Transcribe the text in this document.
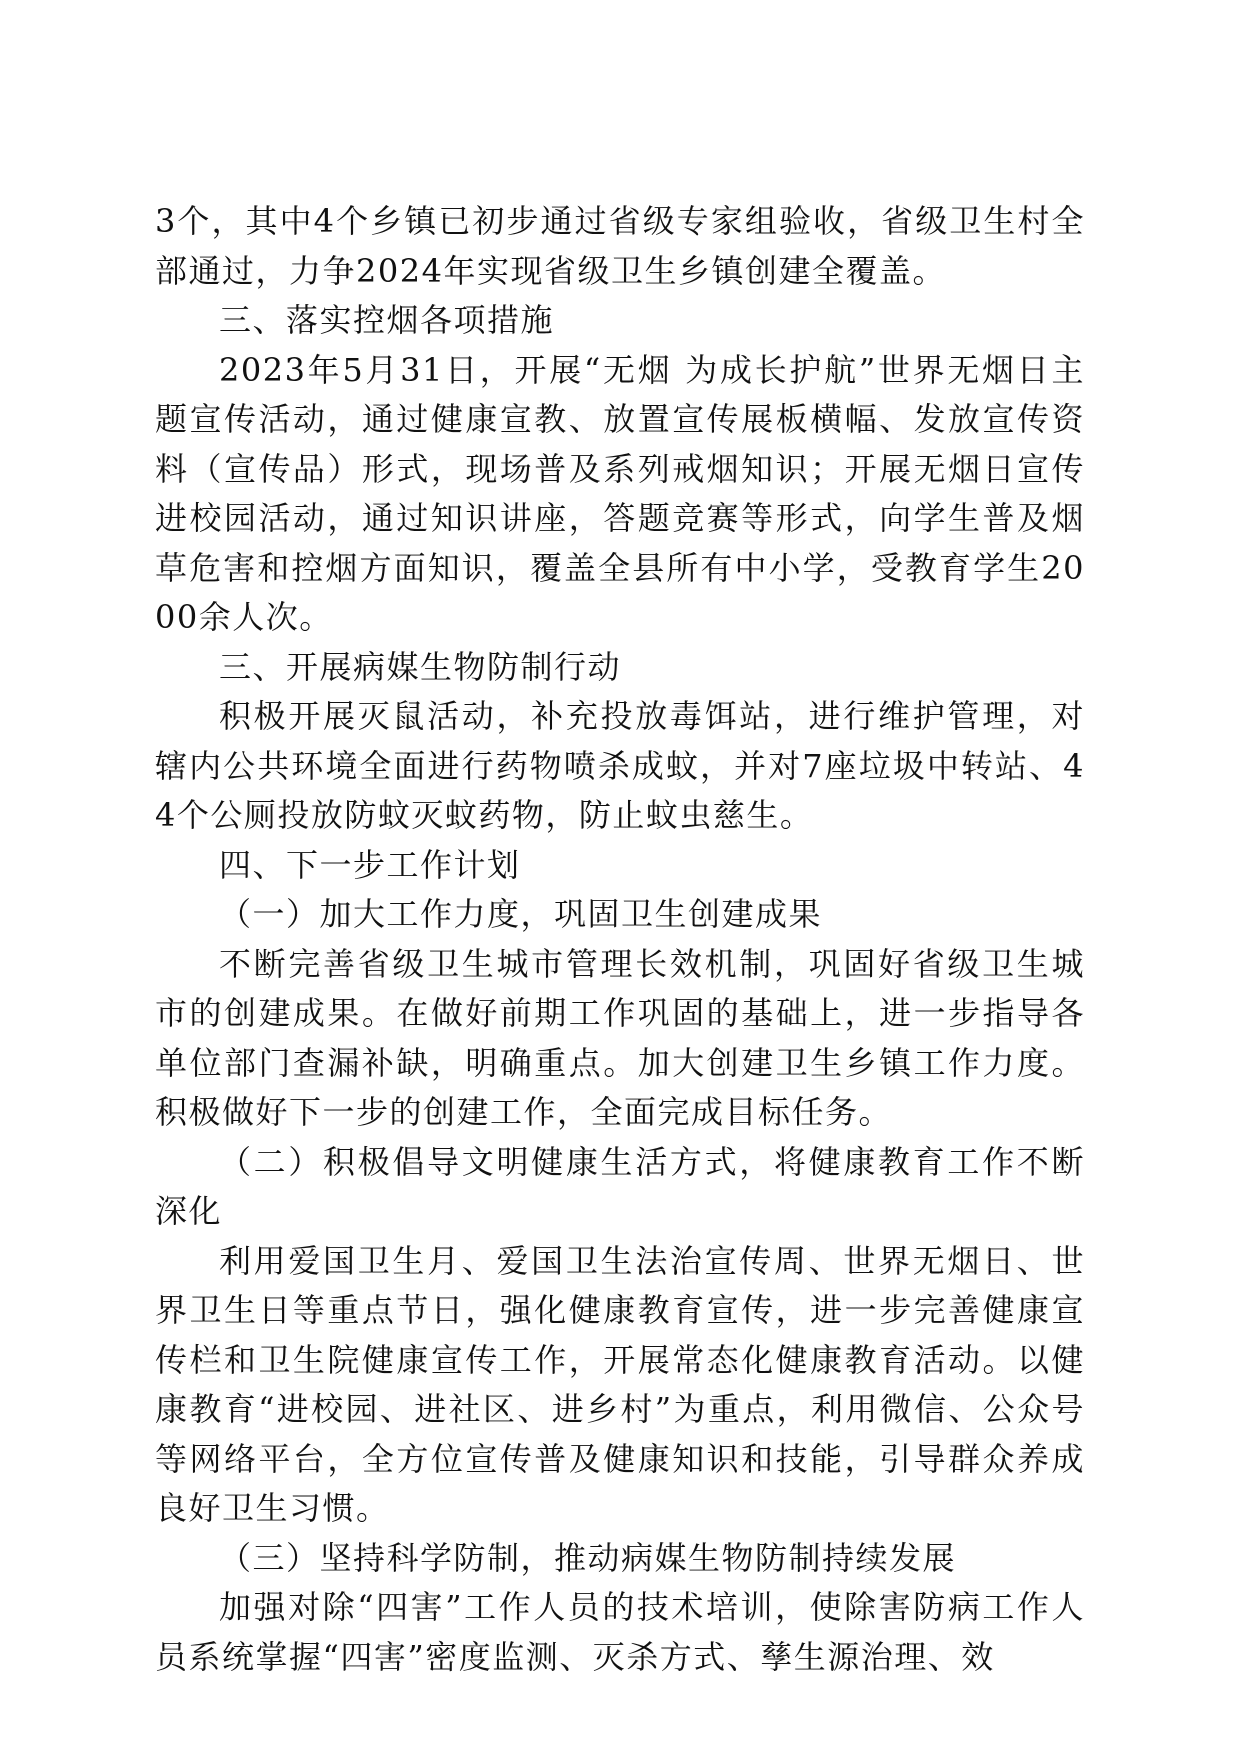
3个，其中4个乡镇已初步通过省级专家组验收，省级卫生村全部通过，力争2024年实现省级卫生乡镇创建全覆盖。

三、落实控烟各项措施

2023年5月31日，开展“无烟 为成长护航”世界无烟日主题宣传活动，通过健康宣教、放置宣传展板横幅、发放宣传资料（宣传品）形式，现场普及系列戒烟知识；开展无烟日宣传进校园活动，通过知识讲座，答题竞赛等形式，向学生普及烟草危害和控烟方面知识，覆盖全县所有中小学，受教育学生2000余人次。

三、开展病媒生物防制行动

积极开展灭鼠活动，补充投放毒饵站，进行维护管理，对辖内公共环境全面进行药物喷杀成蚊，并对7座垃圾中转站、44个公厕投放防蚊灭蚊药物，防止蚊虫慈生。

四、下一步工作计划

（一）加大工作力度，巩固卫生创建成果

不断完善省级卫生城市管理长效机制，巩固好省级卫生城市的创建成果。在做好前期工作巩固的基础上，进一步指导各单位部门查漏补缺，明确重点。加大创建卫生乡镇工作力度。积极做好下一步的创建工作，全面完成目标任务。

（二）积极倡导文明健康生活方式，将健康教育工作不断深化

利用爱国卫生月、爱国卫生法治宣传周、世界无烟日、世界卫生日等重点节日，强化健康教育宣传，进一步完善健康宣传栏和卫生院健康宣传工作，开展常态化健康教育活动。以健康教育“进校园、进社区、进乡村”为重点，利用微信、公众号等网络平台，全方位宣传普及健康知识和技能，引导群众养成良好卫生习惯。

（三）坚持科学防制，推动病媒生物防制持续发展

加强对除“四害”工作人员的技术培训，使除害防病工作人员系统掌握“四害”密度监测、灭杀方式、孳生源治理、效
